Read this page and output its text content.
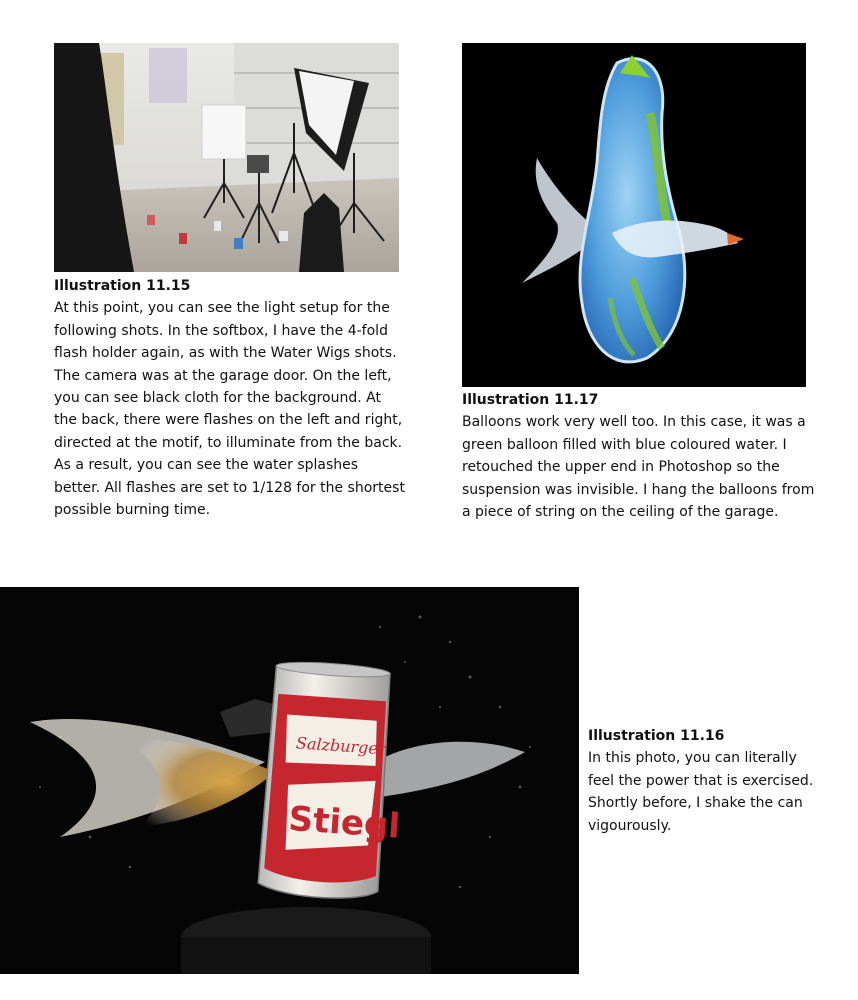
Illustration 11.15
At this point, you can see the light setup for the following shots. In the softbox, I have the 4-fold flash holder again, as with the Water Wigs shots. The camera was at the garage door. On the left, you can see black cloth for the background. At the back, there were flashes on the left and right, directed at the motif, to illuminate from the back. As a result, you can see the water splashes better. All flashes are set to 1/128 for the shortest possible burning time.
Illustration 11.17
Balloons work very well too. In this case, it was a green balloon filled with blue coloured water. I retouched the upper end in Photoshop so the suspension was invisible. I hang the balloons from a piece of string on the ceiling of the garage.
Salzburger
Stiegl
Illustration 11.16
In this photo, you can literally feel the power that is exercised. Shortly before, I shake the can vigourously.
